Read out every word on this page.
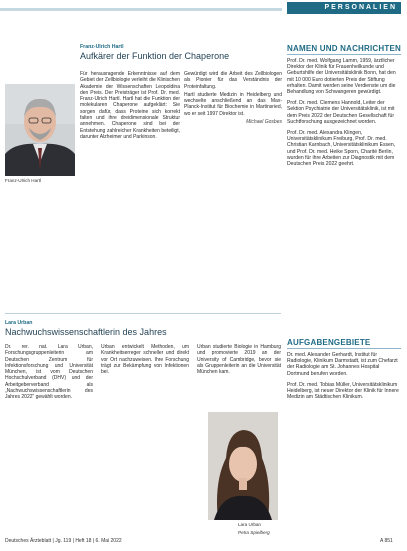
PERSONALIEN
Franz-Ulrich Hartl
Aufkärer der Funktion der Chaperone
Franz-Ulrich Hartl

Für herausragende Erkenntnisse auf dem Gebiet der Zellbiologie verleiht die Klinischen Akademie der Wissenschaften Leopoldina den Preis. Der Preisträger ist Prof. Dr. med. Franz-Ulrich Hartl. Hartl hat die Funktion der molekularen Chaperone aufgeklärt: Sie sorgen dafür, dass Proteine sich korrekt falten und ihre dreidimensionale Struktur annehmen. Chaperone sind bei der Entstehung zahlreicher Krankheiten beteiligt, darunter Alzheimer und Parkinson.

Gewürdigt wird die Arbeit des Zellbiologen als Pionier für das Verständnis der Proteinfaltung.

Hartl studierte Medizin in Heidelberg und wechselte anschließend an das Max-Planck-Institut für Biochemie in Martinsried, wo er seit 1997 Direktor ist.

Michael Gosbes

Lara Urban
Nachwuchswissenschaftlerin des Jahres

Dr. rer. nat. Lara Urban, Forschungsgruppenleiterin am Deutschen Zentrum für Infektionsforschung und Universität München, ist vom Deutschen Hochschulverband (DHV) und der Arbeitgeberverband als „Nachwuchswissenschaftlerin des Jahres 2022“ gewählt worden.

Urban entwickelt Methoden, um Krankheitserreger schneller und direkt vor Ort nachzuweisen. Ihre Forschung trägt zur Bekämpfung von Infektionen bei.

Urban studierte Biologie in Hamburg und promovierte 2019 an der University of Cambridge, bevor sie als Gruppenleiterin an die Universität München kam.

Lara Urban
Petra Spielberg
NAMEN UND NACHRICHTEN
Prof. Dr. med. Wolfgang Lamm, 1959, ärztlicher Direktor der Klinik für Frauenheilkunde und Geburtshilfe der Universitätsklinik Bonn, hat den mit 10 000 Euro dotierten Preis der Stiftung erhalten. Damit werden seine Verdienste um die Behandlung von Schwangeren gewürdigt.
Prof. Dr. med. Clemens Hannold, Leiter der Sektion Psychiatrie der Universitätsklinik, ist mit dem Preis 2022 der Deutschen Gesellschaft für Suchtforschung ausgezeichnet worden.
Prof. Dr. med. Alexandra Klingen, Universitätsklinikum Freiburg, Prof. Dr. med. Christian Karnbach, Universitätsklinikum Essen, und Prof. Dr. med. Heike Sporn, Charité Berlin, wurden für ihre Arbeiten zur Diagnostik mit dem Deutschen Preis 2022 geehrt.
AUFGABENGEBIETE
Dr. med. Alexander Gerhardt, Institut für Radiologie, Klinikum Darmstadt, ist zum Chefarzt der Radiologie am St. Johannes Hospital Dortmund berufen worden.
Prof. Dr. med. Tobias Müller, Universitätsklinikum Heidelberg, ist neuer Direktor der Klinik für Innere Medizin am Städtischen Klinikum.
Deutsches Ärzteblatt | Jg. 119 | Heft 18 | 6. Mai 2022	A 851
